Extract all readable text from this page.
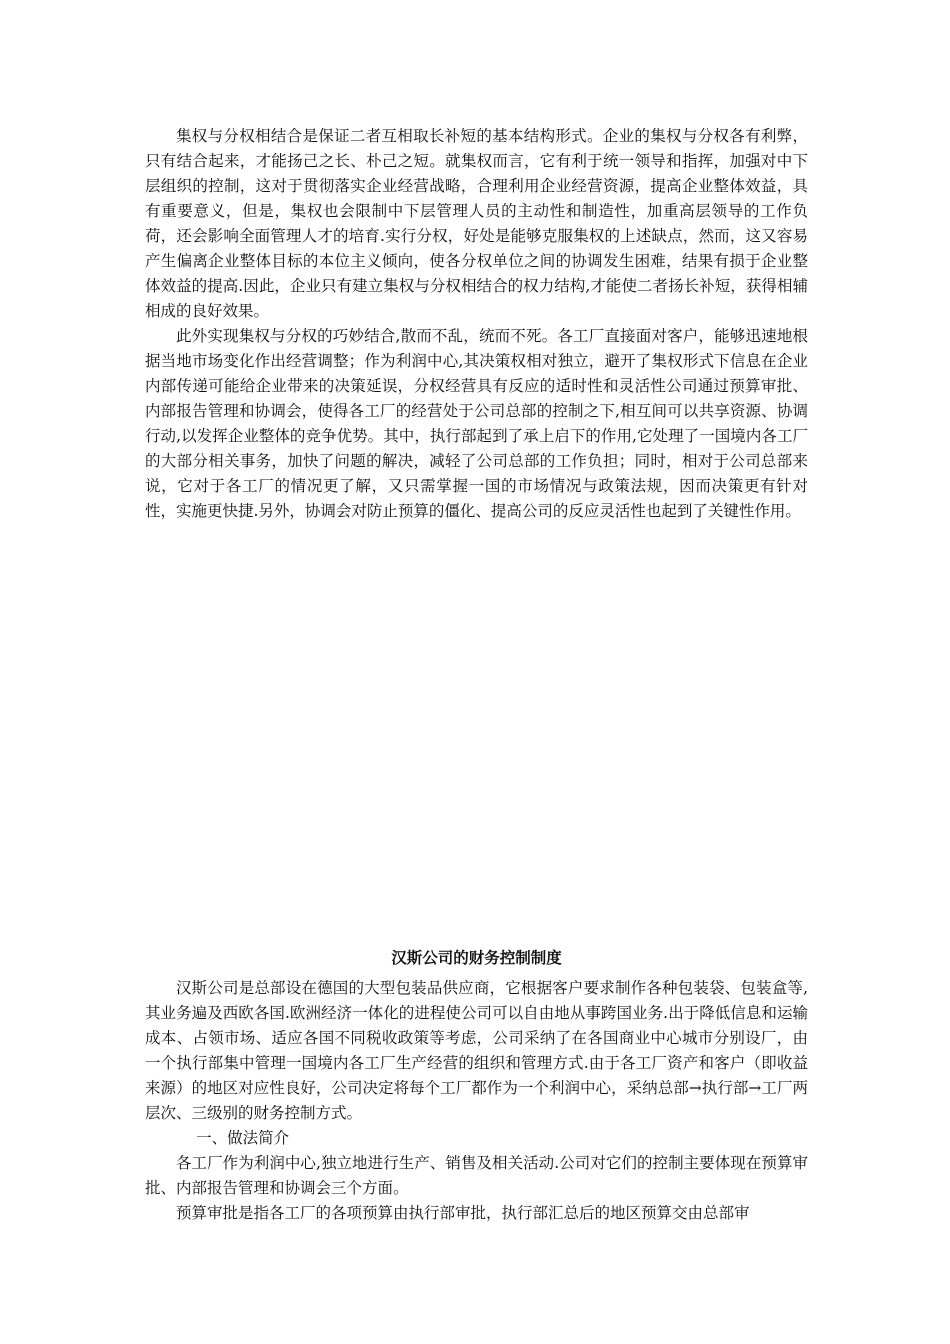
集权与分权相结合是保证二者互相取长补短的基本结构形式。企业的集权与分权各有利弊，只有结合起来，才能扬己之长、朴己之短。就集权而言，它有利于统一领导和指挥，加强对中下层组织的控制，这对于贯彻落实企业经营战略，合理利用企业经营资源，提高企业整体效益，具有重要意义，但是，集权也会限制中下层管理人员的主动性和制造性，加重高层领导的工作负荷，还会影响全面管理人才的培育.实行分权，好处是能够克服集权的上述缺点，然而，这又容易产生偏离企业整体目标的本位主义倾向，使各分权单位之间的协调发生困难，结果有损于企业整体效益的提高.因此，企业只有建立集权与分权相结合的权力结构,才能使二者扬长补短，获得相辅相成的良好效果。

此外实现集权与分权的巧妙结合,散而不乱，统而不死。各工厂直接面对客户，能够迅速地根据当地市场变化作出经营调整；作为利润中心,其决策权相对独立，避开了集权形式下信息在企业内部传递可能给企业带来的决策延误，分权经营具有反应的适时性和灵活性公司通过预算审批、内部报告管理和协调会，使得各工厂的经营处于公司总部的控制之下,相互间可以共享资源、协调行动,以发挥企业整体的竞争优势。其中，执行部起到了承上启下的作用,它处理了一国境内各工厂的大部分相关事务，加快了问题的解决，减轻了公司总部的工作负担；同时，相对于公司总部来说，它对于各工厂的情况更了解，又只需掌握一国的市场情况与政策法规，因而决策更有针对性，实施更快捷.另外，协调会对防止预算的僵化、提高公司的反应灵活性也起到了关键性作用。

汉斯公司的财务控制制度

汉斯公司是总部设在德国的大型包装品供应商，它根据客户要求制作各种包装袋、包装盒等,其业务遍及西欧各国.欧洲经济一体化的进程使公司可以自由地从事跨国业务.出于降低信息和运输成本、占领市场、适应各国不同税收政策等考虑，公司采纳了在各国商业中心城市分别设厂，由一个执行部集中管理一国境内各工厂生产经营的组织和管理方式.由于各工厂资产和客户（即收益来源）的地区对应性良好，公司决定将每个工厂都作为一个利润中心，采纳总部→执行部→工厂两层次、三级别的财务控制方式。

一、做法简介

各工厂作为利润中心,独立地进行生产、销售及相关活动.公司对它们的控制主要体现在预算审批、内部报告管理和协调会三个方面。

预算审批是指各工厂的各项预算由执行部审批，执行部汇总后的地区预算交由总部审
